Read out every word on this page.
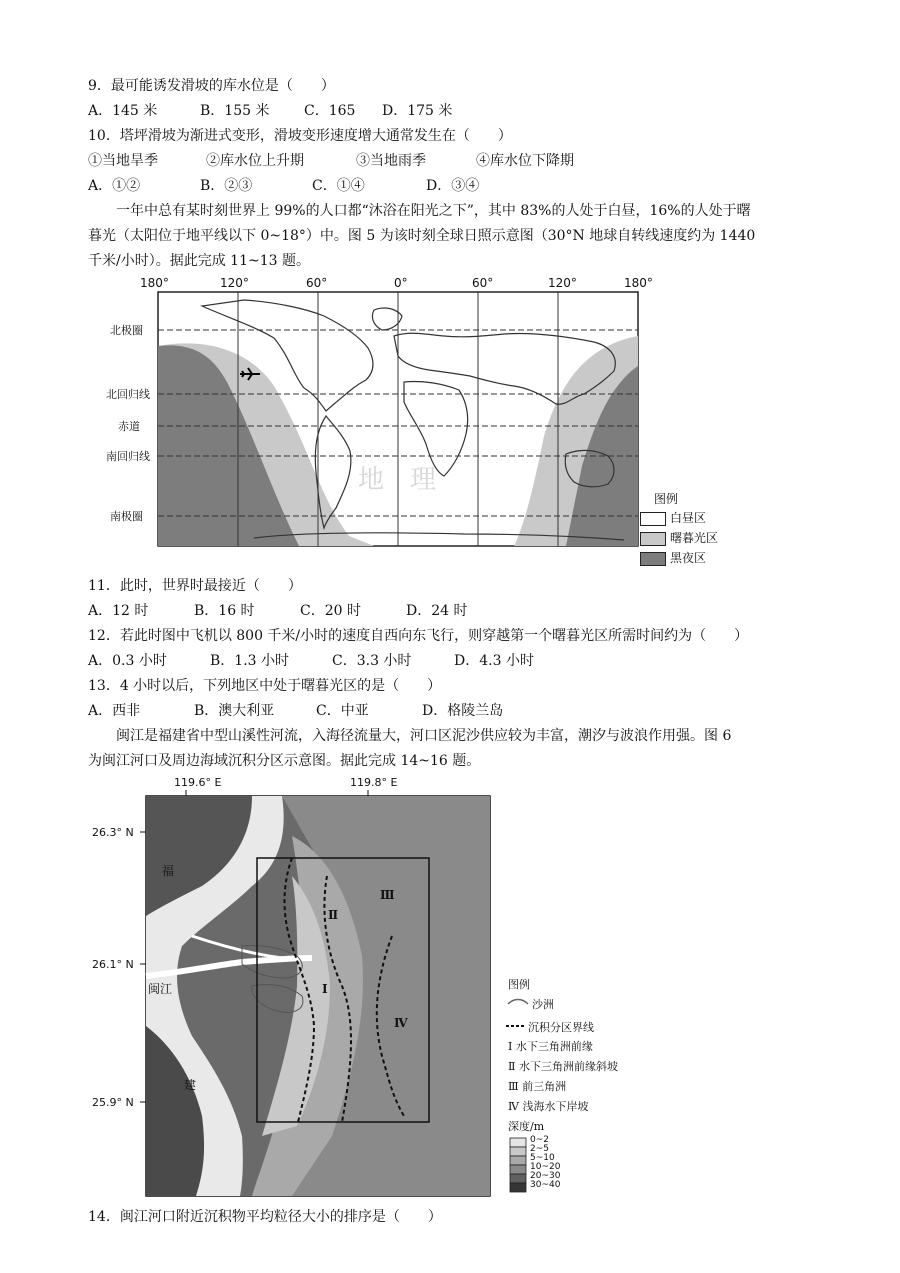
9．最可能诱发滑坡的库水位是（　　）
A．145 米	B．155 米 C．165 D．175 米
10．塔坪滑坡为渐进式变形，滑坡变形速度增大通常发生在（　　）
①当地旱季	②库水位上升期	③当地雨季	④库水位下降期
A．①②	B．②③	C．①④	D．③④
一年中总有某时刻世界上 99%的人口都“沐浴在阳光之下”，其中 83%的人处于白昼，16%的人处于曙
暮光（太阳位于地平线以下 0~18°）中。图 5 为该时刻全球日照示意图（30°N 地球自转线速度约为 1440
千米/小时）。据此完成 11~13 题。
地　理
180°	120°	60°	0°	60°	120°	180°
北极圈
北回归线
赤道
南回归线
南极圈
图例
白昼区
曙暮光区
黑夜区
11．此时，世界时最接近（　　）
A．12 时	B．16 时	C．20 时	D．24 时
12．若此时图中飞机以 800 千米/小时的速度自西向东飞行，则穿越第一个曙暮光区所需时间约为（　　）
A．0.3 小时	B．1.3 小时	C．3.3 小时	D．4.3 小时
13．4 小时以后，下列地区中处于曙暮光区的是（　　）
A．西非	B．澳大利亚	C．中亚	D．格陵兰岛
闽江是福建省中型山溪性河流，入海径流量大，河口区泥沙供应较为丰富，潮汐与波浪作用强。图 6
为闽江河口及周边海域沉积分区示意图。据此完成 14~16 题。
119.6° E	119.8° E
26.3° N
26.1° N
25.9° N
闽江
福
建
Ⅰ
Ⅱ
Ⅲ
Ⅳ
图例
沙洲
沉积分区界线
Ⅰ 水下三角洲前缘
Ⅱ 水下三角洲前缘斜坡
Ⅲ 前三角洲
Ⅳ 浅海水下岸坡
深度/m
0~2
2~5
5~10
10~20
20~30
30~40
14．闽江河口附近沉积物平均粒径大小的排序是（　　）
